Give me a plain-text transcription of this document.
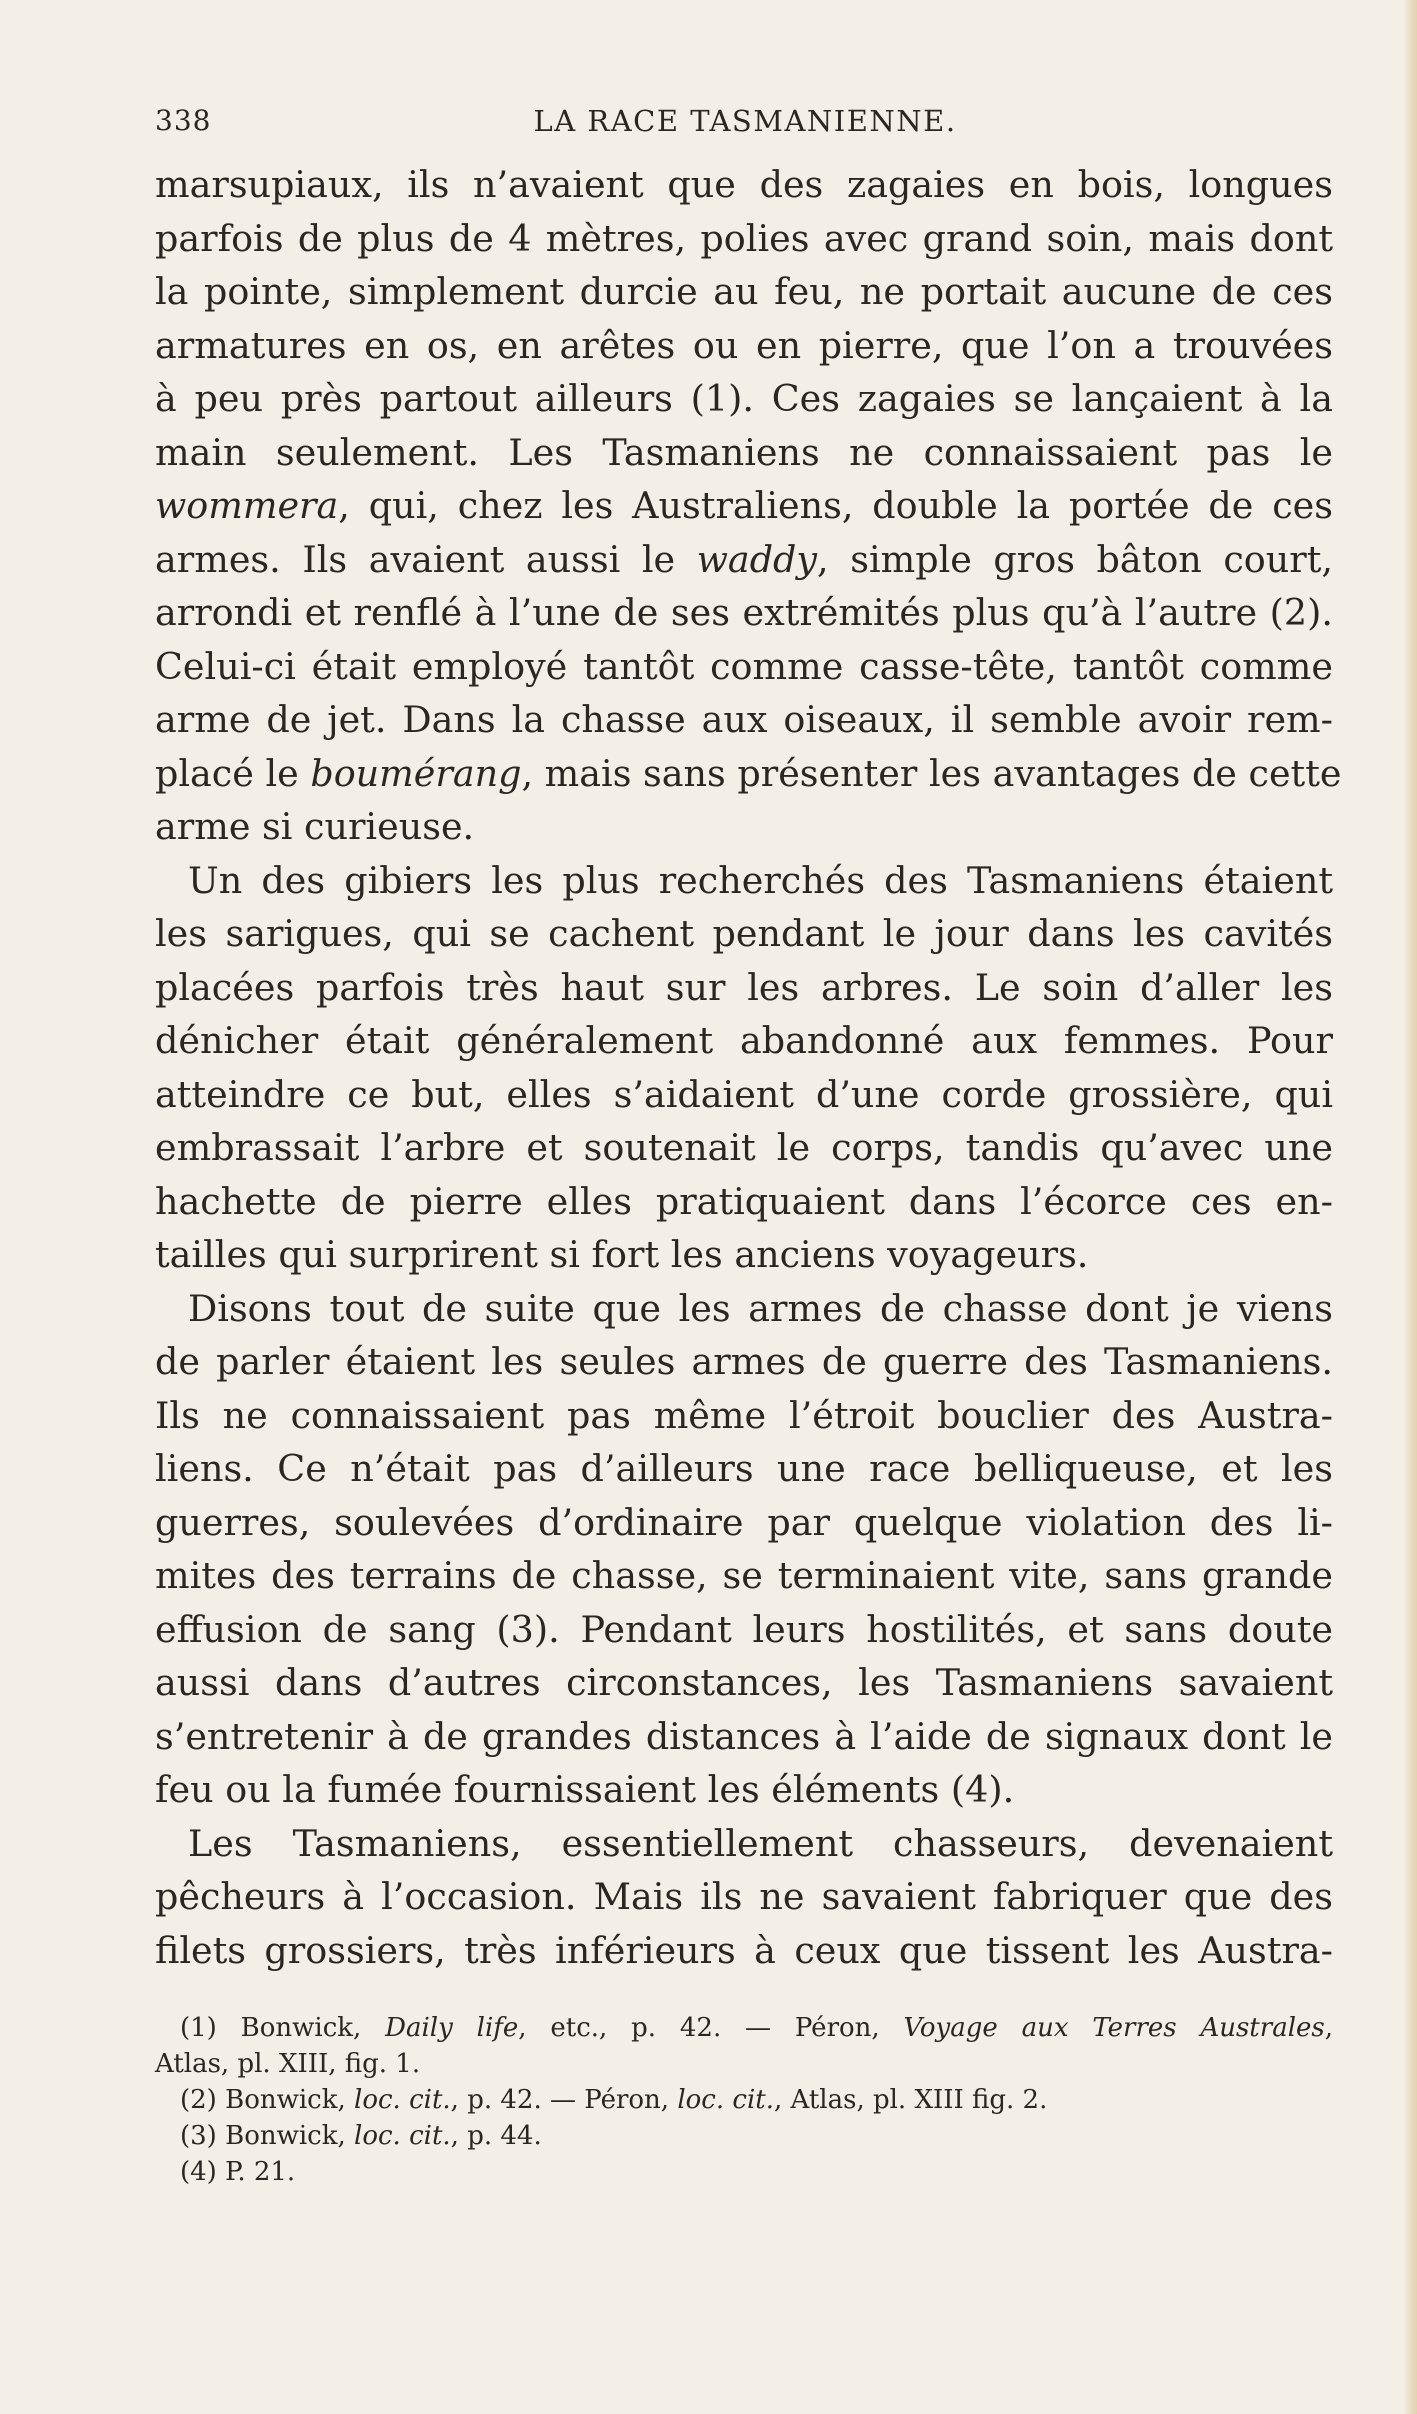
338	LA RACE TASMANIENNE.
marsupiaux, ils n’avaient que des zagaies en bois, longues
parfois de plus de 4 mètres, polies avec grand soin, mais dont
la pointe, simplement durcie au feu, ne portait aucune de ces
armatures en os, en arêtes ou en pierre, que l’on a trouvées
à peu près partout ailleurs (1). Ces zagaies se lançaient à la
main seulement. Les Tasmaniens ne connaissaient pas le
wommera, qui, chez les Australiens, double la portée de ces
armes. Ils avaient aussi le waddy, simple gros bâton court,
arrondi et renflé à l’une de ses extrémités plus qu’à l’autre (2).
Celui-ci était employé tantôt comme casse-tête, tantôt comme
arme de jet. Dans la chasse aux oiseaux, il semble avoir rem-
placé le boumérang, mais sans présenter les avantages de cette
arme si curieuse.
Un des gibiers les plus recherchés des Tasmaniens étaient
les sarigues, qui se cachent pendant le jour dans les cavités
placées parfois très haut sur les arbres. Le soin d’aller les
dénicher était généralement abandonné aux femmes. Pour
atteindre ce but, elles s’aidaient d’une corde grossière, qui
embrassait l’arbre et soutenait le corps, tandis qu’avec une
hachette de pierre elles pratiquaient dans l’écorce ces en-
tailles qui surprirent si fort les anciens voyageurs.
Disons tout de suite que les armes de chasse dont je viens
de parler étaient les seules armes de guerre des Tasmaniens.
Ils ne connaissaient pas même l’étroit bouclier des Austra-
liens. Ce n’était pas d’ailleurs une race belliqueuse, et les
guerres, soulevées d’ordinaire par quelque violation des li-
mites des terrains de chasse, se terminaient vite, sans grande
effusion de sang (3). Pendant leurs hostilités, et sans doute
aussi dans d’autres circonstances, les Tasmaniens savaient
s’entretenir à de grandes distances à l’aide de signaux dont le
feu ou la fumée fournissaient les éléments (4).
Les Tasmaniens, essentiellement chasseurs, devenaient
pêcheurs à l’occasion. Mais ils ne savaient fabriquer que des
filets grossiers, très inférieurs à ceux que tissent les Austra-
(1) Bonwick, Daily life, etc., p. 42. — Péron, Voyage aux Terres Australes,
Atlas, pl. XIII, fig. 1.
(2) Bonwick, loc. cit., p. 42. — Péron, loc. cit., Atlas, pl. XIII fig. 2.
(3) Bonwick, loc. cit., p. 44.
(4) P. 21.
